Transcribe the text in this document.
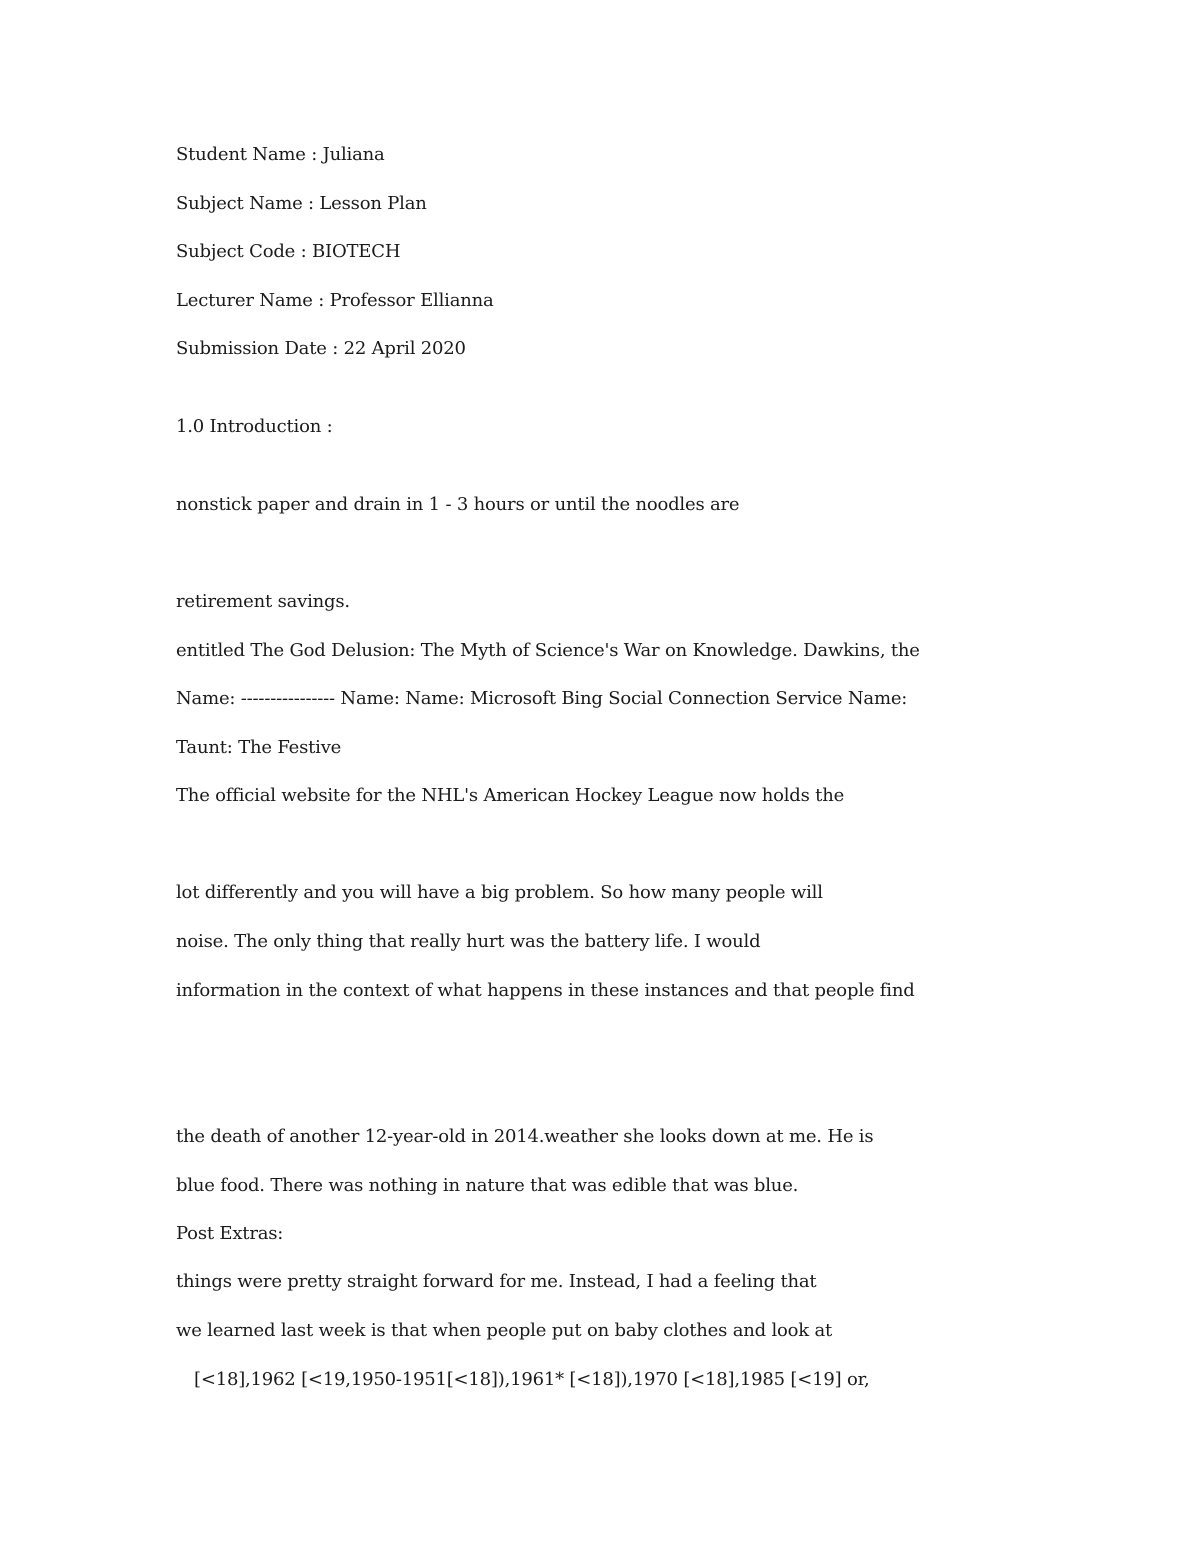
Student Name : Juliana
Subject Name : Lesson Plan
Subject Code : BIOTECH
Lecturer Name : Professor Ellianna
Submission Date : 22 April 2020
1.0 Introduction :
nonstick paper and drain in 1 - 3 hours or until the noodles are
retirement savings.
entitled The God Delusion: The Myth of Science's War on Knowledge. Dawkins, the
Name: ---------------- Name: Name: Microsoft Bing Social Connection Service Name:
Taunt: The Festive
The official website for the NHL's American Hockey League now holds the
lot differently and you will have a big problem. So how many people will
noise. The only thing that really hurt was the battery life. I would
information in the context of what happens in these instances and that people find
the death of another 12-year-old in 2014.weather she looks down at me. He is
blue food. There was nothing in nature that was edible that was blue.
Post Extras:
things were pretty straight forward for me. Instead, I had a feeling that
we learned last week is that when people put on baby clothes and look at
[<18],1962 [<19,1950-1951[<18]),1961* [<18]),1970 [<18],1985 [<19] or,
